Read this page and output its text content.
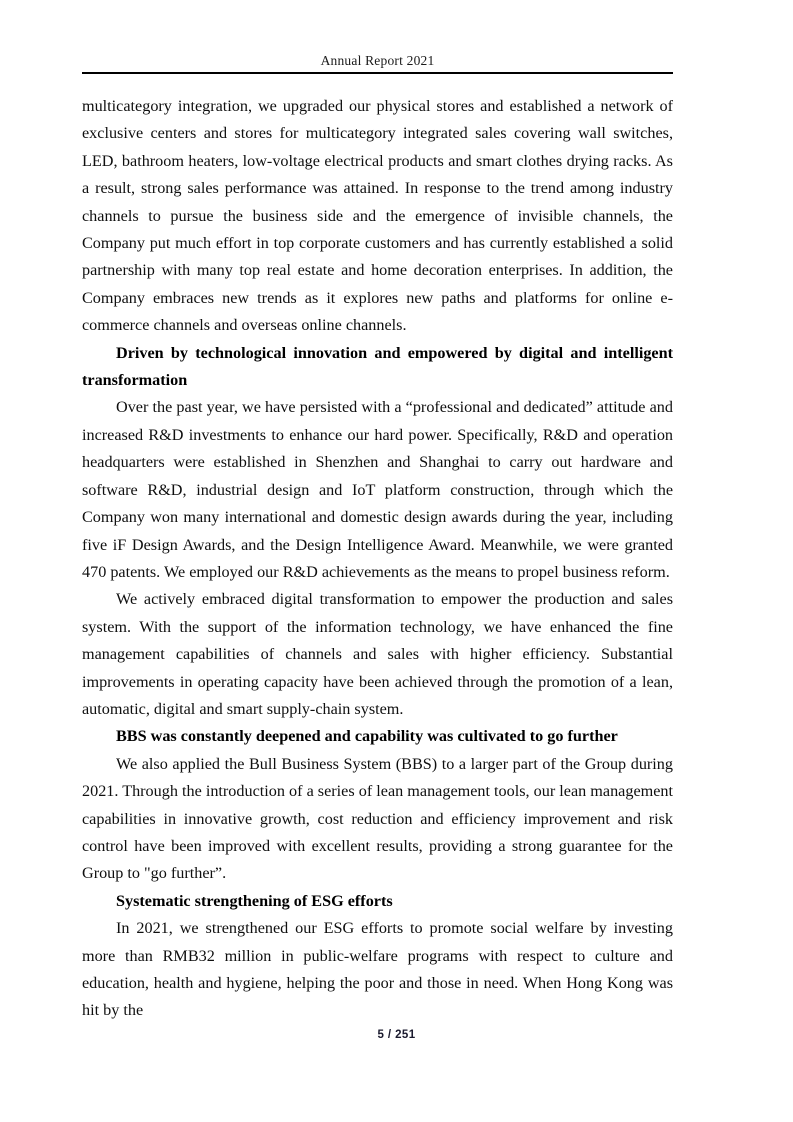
Annual Report 2021

multicategory integration, we upgraded our physical stores and established a network of exclusive centers and stores for multicategory integrated sales covering wall switches, LED, bathroom heaters, low-voltage electrical products and smart clothes drying racks. As a result, strong sales performance was attained. In response to the trend among industry channels to pursue the business side and the emergence of invisible channels, the Company put much effort in top corporate customers and has currently established a solid partnership with many top real estate and home decoration enterprises. In addition, the Company embraces new trends as it explores new paths and platforms for online e-commerce channels and overseas online channels.

Driven by technological innovation and empowered by digital and intelligent transformation

Over the past year, we have persisted with a “professional and dedicated” attitude and increased R&D investments to enhance our hard power. Specifically, R&D and operation headquarters were established in Shenzhen and Shanghai to carry out hardware and software R&D, industrial design and IoT platform construction, through which the Company won many international and domestic design awards during the year, including five iF Design Awards, and the Design Intelligence Award. Meanwhile, we were granted 470 patents. We employed our R&D achievements as the means to propel business reform.

We actively embraced digital transformation to empower the production and sales system. With the support of the information technology, we have enhanced the fine management capabilities of channels and sales with higher efficiency. Substantial improvements in operating capacity have been achieved through the promotion of a lean, automatic, digital and smart supply-chain system.

BBS was constantly deepened and capability was cultivated to go further

We also applied the Bull Business System (BBS) to a larger part of the Group during 2021. Through the introduction of a series of lean management tools, our lean management capabilities in innovative growth, cost reduction and efficiency improvement and risk control have been improved with excellent results, providing a strong guarantee for the Group to "go further”.

Systematic strengthening of ESG efforts

In 2021, we strengthened our ESG efforts to promote social welfare by investing more than RMB32 million in public-welfare programs with respect to culture and education, health and hygiene, helping the poor and those in need. When Hong Kong was hit by the

5 / 251
